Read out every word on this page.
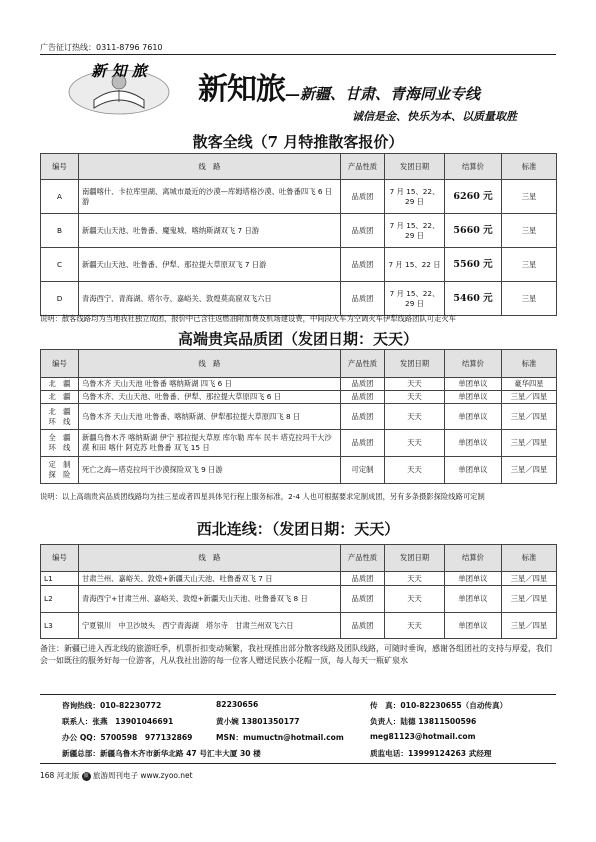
广告征订热线：0311-8796 7610
新 知 旅
新知旅—新疆、甘肃、青海同业专线
诚信是金、快乐为本、以质量取胜
散客全线（7 月特推散客报价）
编号	线　路	产品性质	发团日期	结算价	标准
A	南疆喀什、卡拉库里湖、离城市最近的沙漠—库姆塔格沙漠、吐鲁番四飞 6 日游	品质团	7 月 15、22、29 日	6260 元	三星
B	新疆天山天池、吐鲁番、魔鬼城、喀纳斯湖双飞 7 日游	品质团	7 月 15、22、29 日	5660 元	三星
C	新疆天山天池、吐鲁番、伊犁、那拉提大草原双飞 7 日游	品质团	7 月 15、22 日	5560 元	三星
D	青海西宁、青海湖、塔尔寺、嘉峪关、敦煌莫高窟双飞六日	品质团	7 月 15、22、29 日	5460 元	三星
说明：散客线路均为当地我社独立成团，报价中已含往返燃油附加费及机场建设费，中间段火车为空调火车伊犁线路团队可走火车
高端贵宾品质团（发团日期：天天）
编号	线　路	产品性质	发团日期	结算价	标准
北　疆	乌鲁木齐 天山天池 吐鲁番 喀纳斯湖 四飞 6 日	品质团	天天	单团单议	豪华四星
北　疆	乌鲁木齐、天山天池、吐鲁番、伊犁、那拉提大草原四飞 6 日	品质团	天天	单团单议	三星／四星
北　疆　环　线	乌鲁木齐 天山天池 吐鲁番、喀纳斯湖、伊犁那拉提大草原四飞 8 日	品质团	天天	单团单议	三星／四星
全　疆　环　线	新疆乌鲁木齐 喀纳斯湖 伊宁 那拉提大草原 库尔勒 库车 民丰 塔克拉玛干大沙漠 和田 喀什 阿克苏 吐鲁番 双飞 15 日	品质团	天天	单团单议	三星／四星
定　制　探　险	死亡之海—塔克拉玛干沙漠探险双飞 9 日游	可定制	天天	单团单议	三星／四星
说明：以上高端贵宾品质团线路均为挂三星或者四星具体见行程上服务标准，2-4 人也可根据要求定制成团，另有多条摄影探险线路可定制
西北连线：（发团日期：天天）
编号	线　路	产品性质	发团日期	结算价	标准
L1	甘肃兰州、嘉峪关、敦煌+新疆天山天池、吐鲁番双飞 7 日	品质团	天天	单团单议	三星／四星
L2	青海西宁+甘肃兰州、嘉峪关、敦煌+新疆天山天池、吐鲁番双飞 8 日	品质团	天天	单团单议	三星／四星
L3	宁夏银川　中卫沙坡头　西宁青海湖　塔尔寺　甘肃兰州双飞六日	品质团	天天	单团单议	三星／四星
备注：新疆已进入西北线的旅游旺季，机票折扣变动频繁，我社现推出部分散客线路及团队线路，可随时垂询，感谢各组团社的支持与厚爱，我们会一如既往的服务好每一位游客，凡从我社出游的每一位客人赠送民族小花帽一顶，每人每天一瓶矿泉水
咨询热线：010-82230772	82230656	传　真：010-82230655（自动传真）
联系人：张燕　13901046691	黄小婉 13801350177	负责人：陆德 13811500596
办公 QQ：5700598　977132869	MSN：mumuctn@hotmail.com	meg81123@hotmail.com
新疆总部：新疆乌鲁木齐市新华北路 47 号汇丰大厦 30 楼	质监电话：13999124263 武经理
168 河北版 旅 旅游周刊电子 www.zyoo.net
